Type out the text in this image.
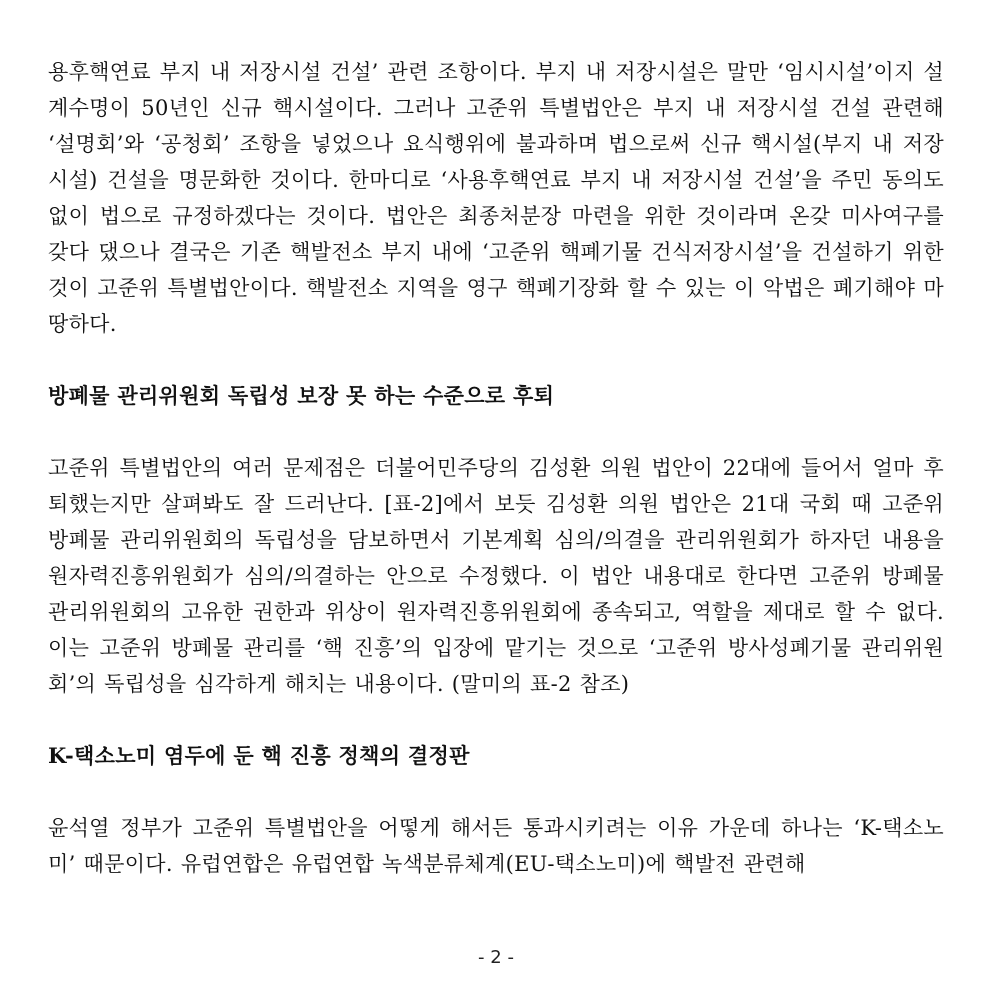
용후핵연료 부지 내 저장시설 건설’ 관련 조항이다. 부지 내 저장시설은 말만 ‘임시시설’이지 설계수명이 50년인 신규 핵시설이다. 그러나 고준위 특별법안은 부지 내 저장시설 건설 관련해 ‘설명회’와 ‘공청회’ 조항을 넣었으나 요식행위에 불과하며 법으로써 신규 핵시설(부지 내 저장시설) 건설을 명문화한 것이다. 한마디로 ‘사용후핵연료 부지 내 저장시설 건설’을 주민 동의도 없이 법으로 규정하겠다는 것이다. 법안은 최종처분장 마련을 위한 것이라며 온갖 미사여구를 갖다 댔으나 결국은 기존 핵발전소 부지 내에 ‘고준위 핵폐기물 건식저장시설’을 건설하기 위한 것이 고준위 특별법안이다. 핵발전소 지역을 영구 핵폐기장화 할 수 있는 이 악법은 폐기해야 마땅하다.

방폐물 관리위원회 독립성 보장 못 하는 수준으로 후퇴

고준위 특별법안의 여러 문제점은 더불어민주당의 김성환 의원 법안이 22대에 들어서 얼마 후퇴했는지만 살펴봐도 잘 드러난다. [표-2]에서 보듯 김성환 의원 법안은 21대 국회 때 고준위 방폐물 관리위원회의 독립성을 담보하면서 기본계획 심의/의결을 관리위원회가 하자던 내용을 원자력진흥위원회가 심의/의결하는 안으로 수정했다. 이 법안 내용대로 한다면 고준위 방폐물 관리위원회의 고유한 권한과 위상이 원자력진흥위원회에 종속되고, 역할을 제대로 할 수 없다. 이는 고준위 방폐물 관리를 ‘핵 진흥’의 입장에 맡기는 것으로 ‘고준위 방사성폐기물 관리위원회’의 독립성을 심각하게 해치는 내용이다. (말미의 표-2 참조)

K-택소노미 염두에 둔 핵 진흥 정책의 결정판

윤석열 정부가 고준위 특별법안을 어떻게 해서든 통과시키려는 이유 가운데 하나는 ‘K-택소노미’ 때문이다. 유럽연합은 유럽연합 녹색분류체계(EU-택소노미)에 핵발전 관련해

- 2 -
